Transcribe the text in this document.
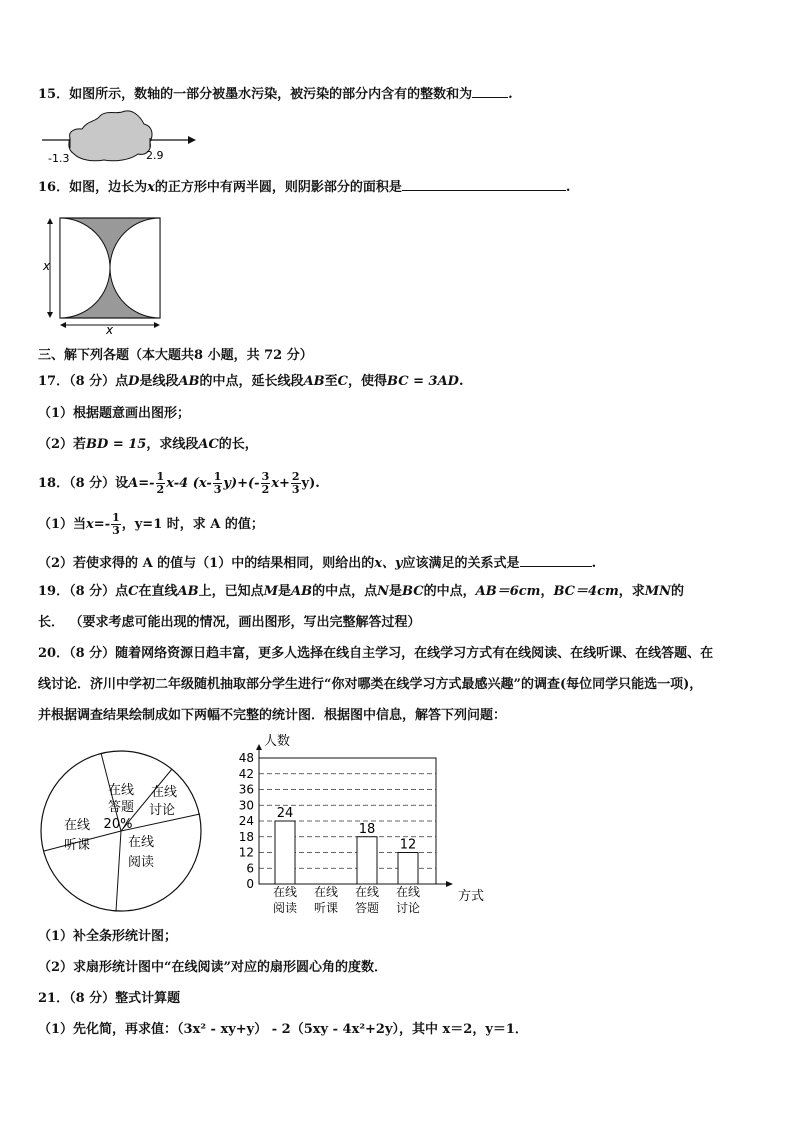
15．如图所示，数轴的一部分被墨水污染，被污染的部分内含有的整数和为	.
-1.3	2.9
16．如图，边长为x的正方形中有两半圆，则阴影部分的面积是	.
x
x
三、解下列各题（本大题共8 小题，共 72 分）
17．（8 分）点D是线段AB的中点，延长线段AB至C，使得BC = 3AD.
（1）根据题意画出图形；
（2）若BD = 15，求线段AC的长，
18．（8 分）设$A=- \frac{1}{2} x-4$ $(x- \frac{1}{3} y)+(- \frac{3}{2} x+ \frac{2}{3} y)$.
（1）当$x=- \frac{1}{3}$ ，y=1 时，求 A 的值；
（2）若使求得的 A 的值与（1）中的结果相同，则给出的x、y应该满足的关系式是	.
19．（8 分）点C在直线AB上，已知点M是AB的中点，点N是BC的中点，AB＝6cm，BC＝4cm，求MN的
长． （要求考虑可能出现的情况，画出图形，写出完整解答过程）
20．（8 分）随着网络资源日趋丰富，更多人选择在线自主学习，在线学习方式有在线阅读、在线听课、在线答题、在
线讨论．济川中学初二年级随机抽取部分学生进行“你对哪类在线学习方式最感兴趣”的调查(每位同学只能选一项)，
并根据调查结果绘制成如下两幅不完整的统计图．根据图中信息，解答下列问题：
在线
答题
20%
在线
讨论
在线
听课	在线
阅读
人数
方式
0
6
12
18
24
30
36
42
48
24
在线
阅读
在线
听课
18
在线
答题
12
在线
讨论
（1）补全条形统计图；
（2）求扇形统计图中“在线阅读”对应的扇形圆心角的度数．
21．（8 分）整式计算题
（1）先化简，再求值：（3x² - xy+y） - 2（5xy - 4x²+2y），其中 x＝2，y＝1．
